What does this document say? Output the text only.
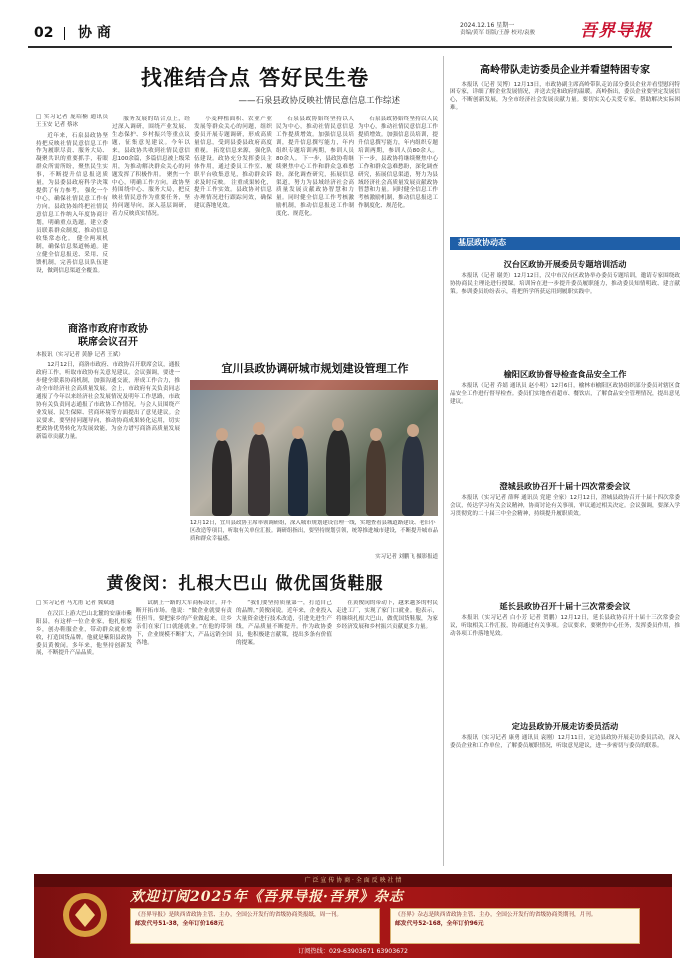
02 协 商	2024.12.16 星期一
责编/黄军 组版/王静 校对/袁骏	吾界导报
找准结合点 答好民生卷
——石泉县政协反映社情民意信息工作综述
□ 实习记者 庞绍楠 通讯员 王玉安 记者 蔡冰

近年来，石泉县政协坚持把反映社情民意信息工作作为履职尽责、服务大局、凝聚共识的重要抓手，着眼群众所需所盼，聚焦民生实事，不断提升信息报送质量，为县委县政府科学决策提供了有力参考。 强化一个中心，确保社情民意工作有方向。县政协始终把社情民意信息工作纳入年度协商计划，明确重点选题，建立委员联系群众制度，推动信息收集常态化。 健全两项机制，确保信息渠道畅通。建立健全信息报送、采用、反馈机制，完善信息员队伍建设，做到信息渠道全覆盖。

服务发展的结合点上，经过深入调研，围绕产业发展、生态保护、乡村振兴等重点议题，征集意见建议。今年以来，县政协共收到社情民意信息100余篇，多篇信息被上级采用，为推动解决群众关心的问题发挥了积极作用。 聚焦一个中心，明确工作方向。政协坚持围绕中心、服务大局，把反映社情民意作为重要任务，坚持问题导向，深入基层调研，着力反映真实情况。

小麦种植面积、农业产业发展等群众关心的问题，组织委员开展专题调研，形成高质量信息，受到县委县政府高度重视。 拓宽信息来源，强化队伍建设。政协充分发挥委员主体作用，通过委员工作室、履职平台收集意见，推动群众诉求及时反映。 注重成果转化，提升工作实效。县政协对信息办理情况进行跟踪问效，确保建议落地见效。

石泉县政协始终坚持以人民为中心，推动社情民意信息工作提质增效。加强信息员培训，提升信息撰写能力，年内组织专题培训两期，参训人员80余人。 下一步，县政协将继续聚焦中心工作和群众急难愁盼，深化调查研究，拓展信息渠道，努力为县域经济社会高质量发展贡献政协智慧和力量。同时健全信息工作考核激励机制，推动信息报送工作制度化、规范化。

石泉县政协始终坚持以人民为中心，推动社情民意信息工作提质增效。加强信息员培训，提升信息撰写能力，年内组织专题培训两期，参训人员80余人。 下一步，县政协将继续聚焦中心工作和群众急难愁盼，深化调查研究，拓展信息渠道，努力为县域经济社会高质量发展贡献政协智慧和力量。同时健全信息工作考核激励机制，推动信息报送工作制度化、规范化。

商洛市政府市政协
联席会议召开
本报讯（实习记者 黄静 记者 王斌）

12月12日，商洛市政府、市政协召开联席会议，通报政府工作，听取市政协有关意见建议。会议强调，要进一步健全联系协商机制，加强沟通交流，形成工作合力，推动全市经济社会高质量发展。会上，市政府有关负责同志通报了今年以来经济社会发展情况及明年工作思路，市政协有关负责同志通报了市政协工作情况。与会人员围绕产业发展、民生保障、营商环境等方面提出了意见建议。会议要求，要坚持问题导向，推动协商成果转化运用，切实把政协优势转化为发展效能，为奋力谱写商洛高质量发展新篇章贡献力量。

宜川县政协调研城市规划建设管理工作
12月12日，宜川县政协主席率领调研组，深入城市规划建设管理一线，实地查看县城道路建设、老旧小区改造等项目，听取有关单位汇报。调研组指出，要坚持规划引领，统筹推进城市建设，不断提升城市品质和群众幸福感。
实习记者 刘鹏飞 摄影报道
黄俊闵：扎根大巴山 做优国货鞋服
□ 实习记者 马尤甫 记者 冀斌通

在汉江上游大巴山北麓的安康市紫阳县，有这样一位企业家，他扎根家乡，创办鞋服企业，带动群众就业增收，打造国货品牌。他就是紫阳县政协委员黄俊闵。多年来，他坚持创新发展，不断提升产品品质。

试制上一路的大军商标设计，并不断开拓市场。他说：“做企业就要有责任担当，要把家乡的产业做起来，让乡亲们在家门口就能就业。”在他的带领下，企业规模不断扩大，产品远销全国各地。

“我们要坚持质量第一，打造自己的品牌。”黄俊闵说。近年来，企业投入大量资金进行技术改造，引进先进生产线，产品质量不断提升。作为政协委员，他积极建言献策，提出多条有价值的提案。

在黄俊闵的带动下，越来越多的村民走进工厂，实现了家门口就业。他表示，将继续扎根大巴山，做优国货鞋服，为家乡经济发展和乡村振兴贡献更多力量。

高岭带队走访委员企业并看望特困专家

本报讯（记者 吴博）12月13日，市政协副主席高岭带队走访部分委员企业并看望慰问特困专家，详细了解企业发展情况，并送去党和政府的温暖。高岭指出，委员企业要坚定发展信心，不断创新发展，为全市经济社会发展贡献力量。要切实关心关爱专家，帮助解决实际困难。

基层政协动态
汉台区政协开展委员专题培训活动

本报讯（记者 谢美）12月12日，汉中市汉台区政协举办委员专题培训，邀请专家围绕政协协商民主理论进行授课。培训旨在进一步提升委员履职能力，推动委员知情明政、建言献策。参训委员纷纷表示，将把所学所获运用到履职实践中。

榆阳区政协督导检查食品安全工作

本报讯（记者 乔婧 通讯员 赵小明）12月6日，榆林市榆阳区政协组织部分委员对辖区食品安全工作进行督导检查。委员们实地查看超市、餐饮店，了解食品安全管理情况，提出意见建议。

澄城县政协召开十届十四次常委会议

本报讯（实习记者 薛辉 通讯员 党建 全家）12月12日，澄城县政协召开十届十四次常委会议，传达学习有关会议精神，协商讨论有关事项，审议通过相关决定。会议强调，要深入学习贯彻党的二十届三中全会精神，持续提升履职质效。

延长县政协召开十届十三次常委会议

本报讯（实习记者 白小芳 记者 贺鹏）12月12日，延长县政协召开十届十三次常委会议，听取相关工作汇报，协商通过有关事项。会议要求，要聚焦中心任务，发挥委员作用，推动各项工作落地见效。

定边县政协开展走访委员活动

本报讯（实习记者 康勇 通讯员 袁刚）12月11日，定边县政协开展走访委员活动，深入委员企业和工作单位，了解委员履职情况，听取意见建议，进一步密切与委员的联系。

广 泛 宣 传 协 商 · 全 面 反 映 社 情
欢迎订阅2025年《吾界导报·吾界》杂志
《吾界导报》是陕西省政协主管、主办，全国公开发行的省级协商类报纸，周一刊。
邮发代号51-38，全年订价168元
《吾界》杂志是陕西省政协主管、主办，全国公开发行的省级协商类期刊，月刊。
邮发代号52-168，全年订价96元
订阅热线：029-63903671 63903672
